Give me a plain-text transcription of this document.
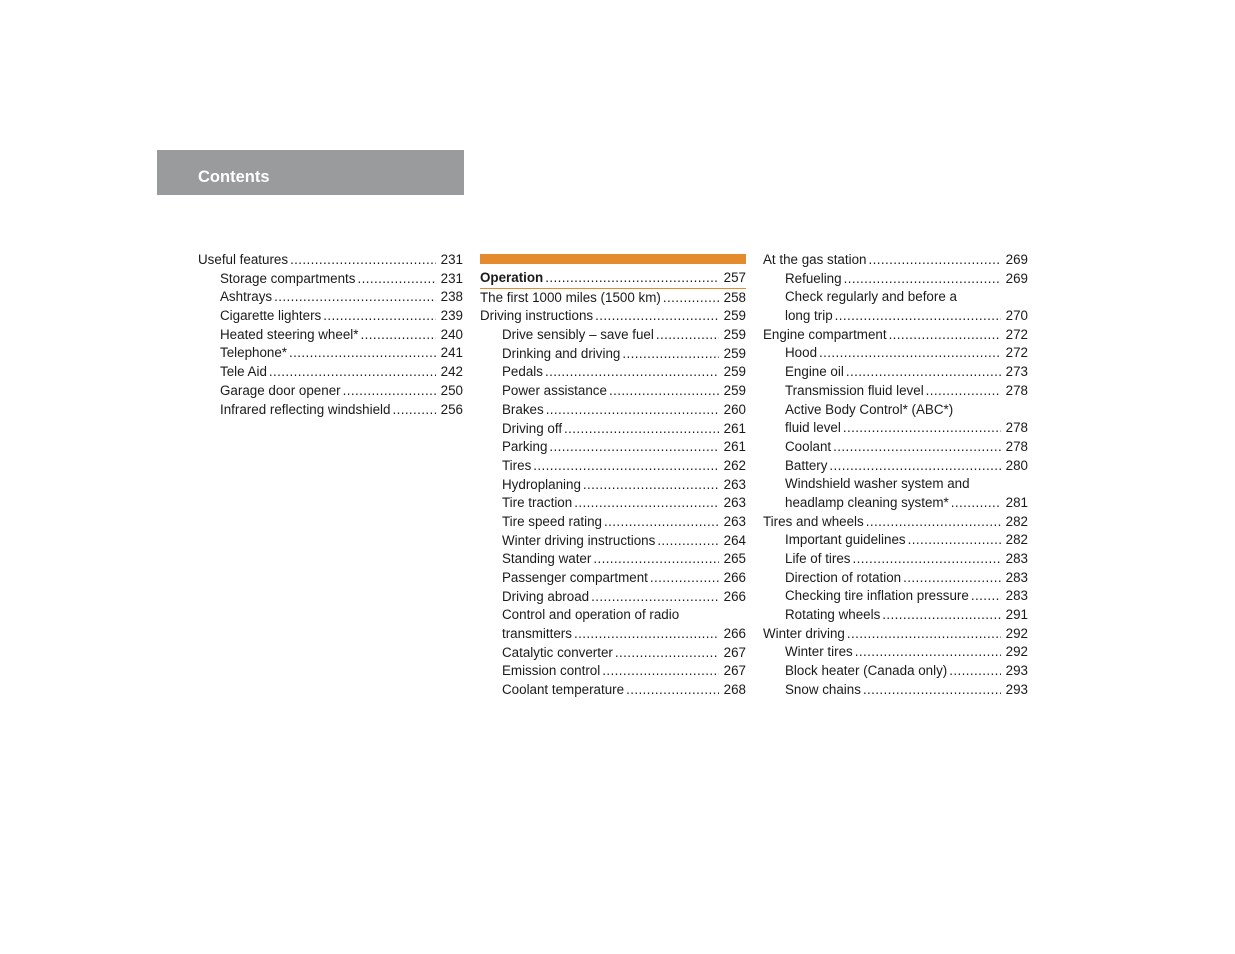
Contents
Useful features .....	231
Storage compartments .....	231
Ashtrays .....	238
Cigarette lighters .....	239
Heated steering wheel* .....	240
Telephone* .....	241
Tele Aid .....	242
Garage door opener .....	250
Infrared reflecting windshield .....	256
Operation .....	257
The first 1000 miles (1500 km) .....	258
Driving instructions .....	259
Drive sensibly – save fuel .....	259
Drinking and driving .....	259
Pedals .....	259
Power assistance .....	259
Brakes .....	260
Driving off .....	261
Parking .....	261
Tires .....	262
Hydroplaning .....	263
Tire traction .....	263
Tire speed rating .....	263
Winter driving instructions .....	264
Standing water .....	265
Passenger compartment .....	266
Driving abroad .....	266
Control and operation of radio
transmitters .....	266
Catalytic converter .....	267
Emission control .....	267
Coolant temperature .....	268
At the gas station .....	269
Refueling .....	269
Check regularly and before a
long trip .....	270
Engine compartment .....	272
Hood .....	272
Engine oil .....	273
Transmission fluid level .....	278
Active Body Control* (ABC*)
fluid level .....	278
Coolant .....	278
Battery .....	280
Windshield washer system and
headlamp cleaning system* .....	281
Tires and wheels .....	282
Important guidelines .....	282
Life of tires .....	283
Direction of rotation .....	283
Checking tire inflation pressure .....	283
Rotating wheels .....	291
Winter driving .....	292
Winter tires .....	292
Block heater (Canada only) .....	293
Snow chains .....	293
